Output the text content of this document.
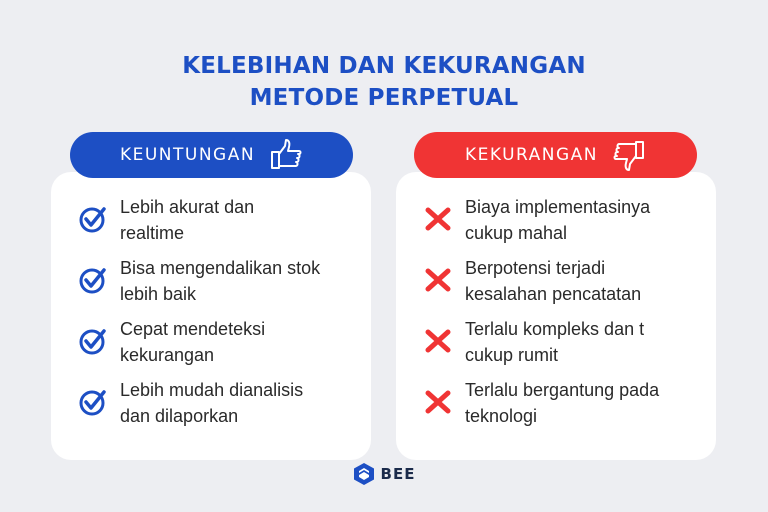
KELEBIHAN DAN KEKURANGAN
METODE PERPETUAL
KEUNTUNGAN	KEKURANGAN
Lebih akurat dan
realtime
Bisa mengendalikan stok
lebih baik
Cepat mendeteksi
kekurangan
Lebih mudah dianalisis
dan dilaporkan
Biaya implementasinya
cukup mahal
Berpotensi terjadi
kesalahan pencatatan
Terlalu kompleks dan t
cukup rumit
Terlalu bergantung pada
teknologi
BEE
